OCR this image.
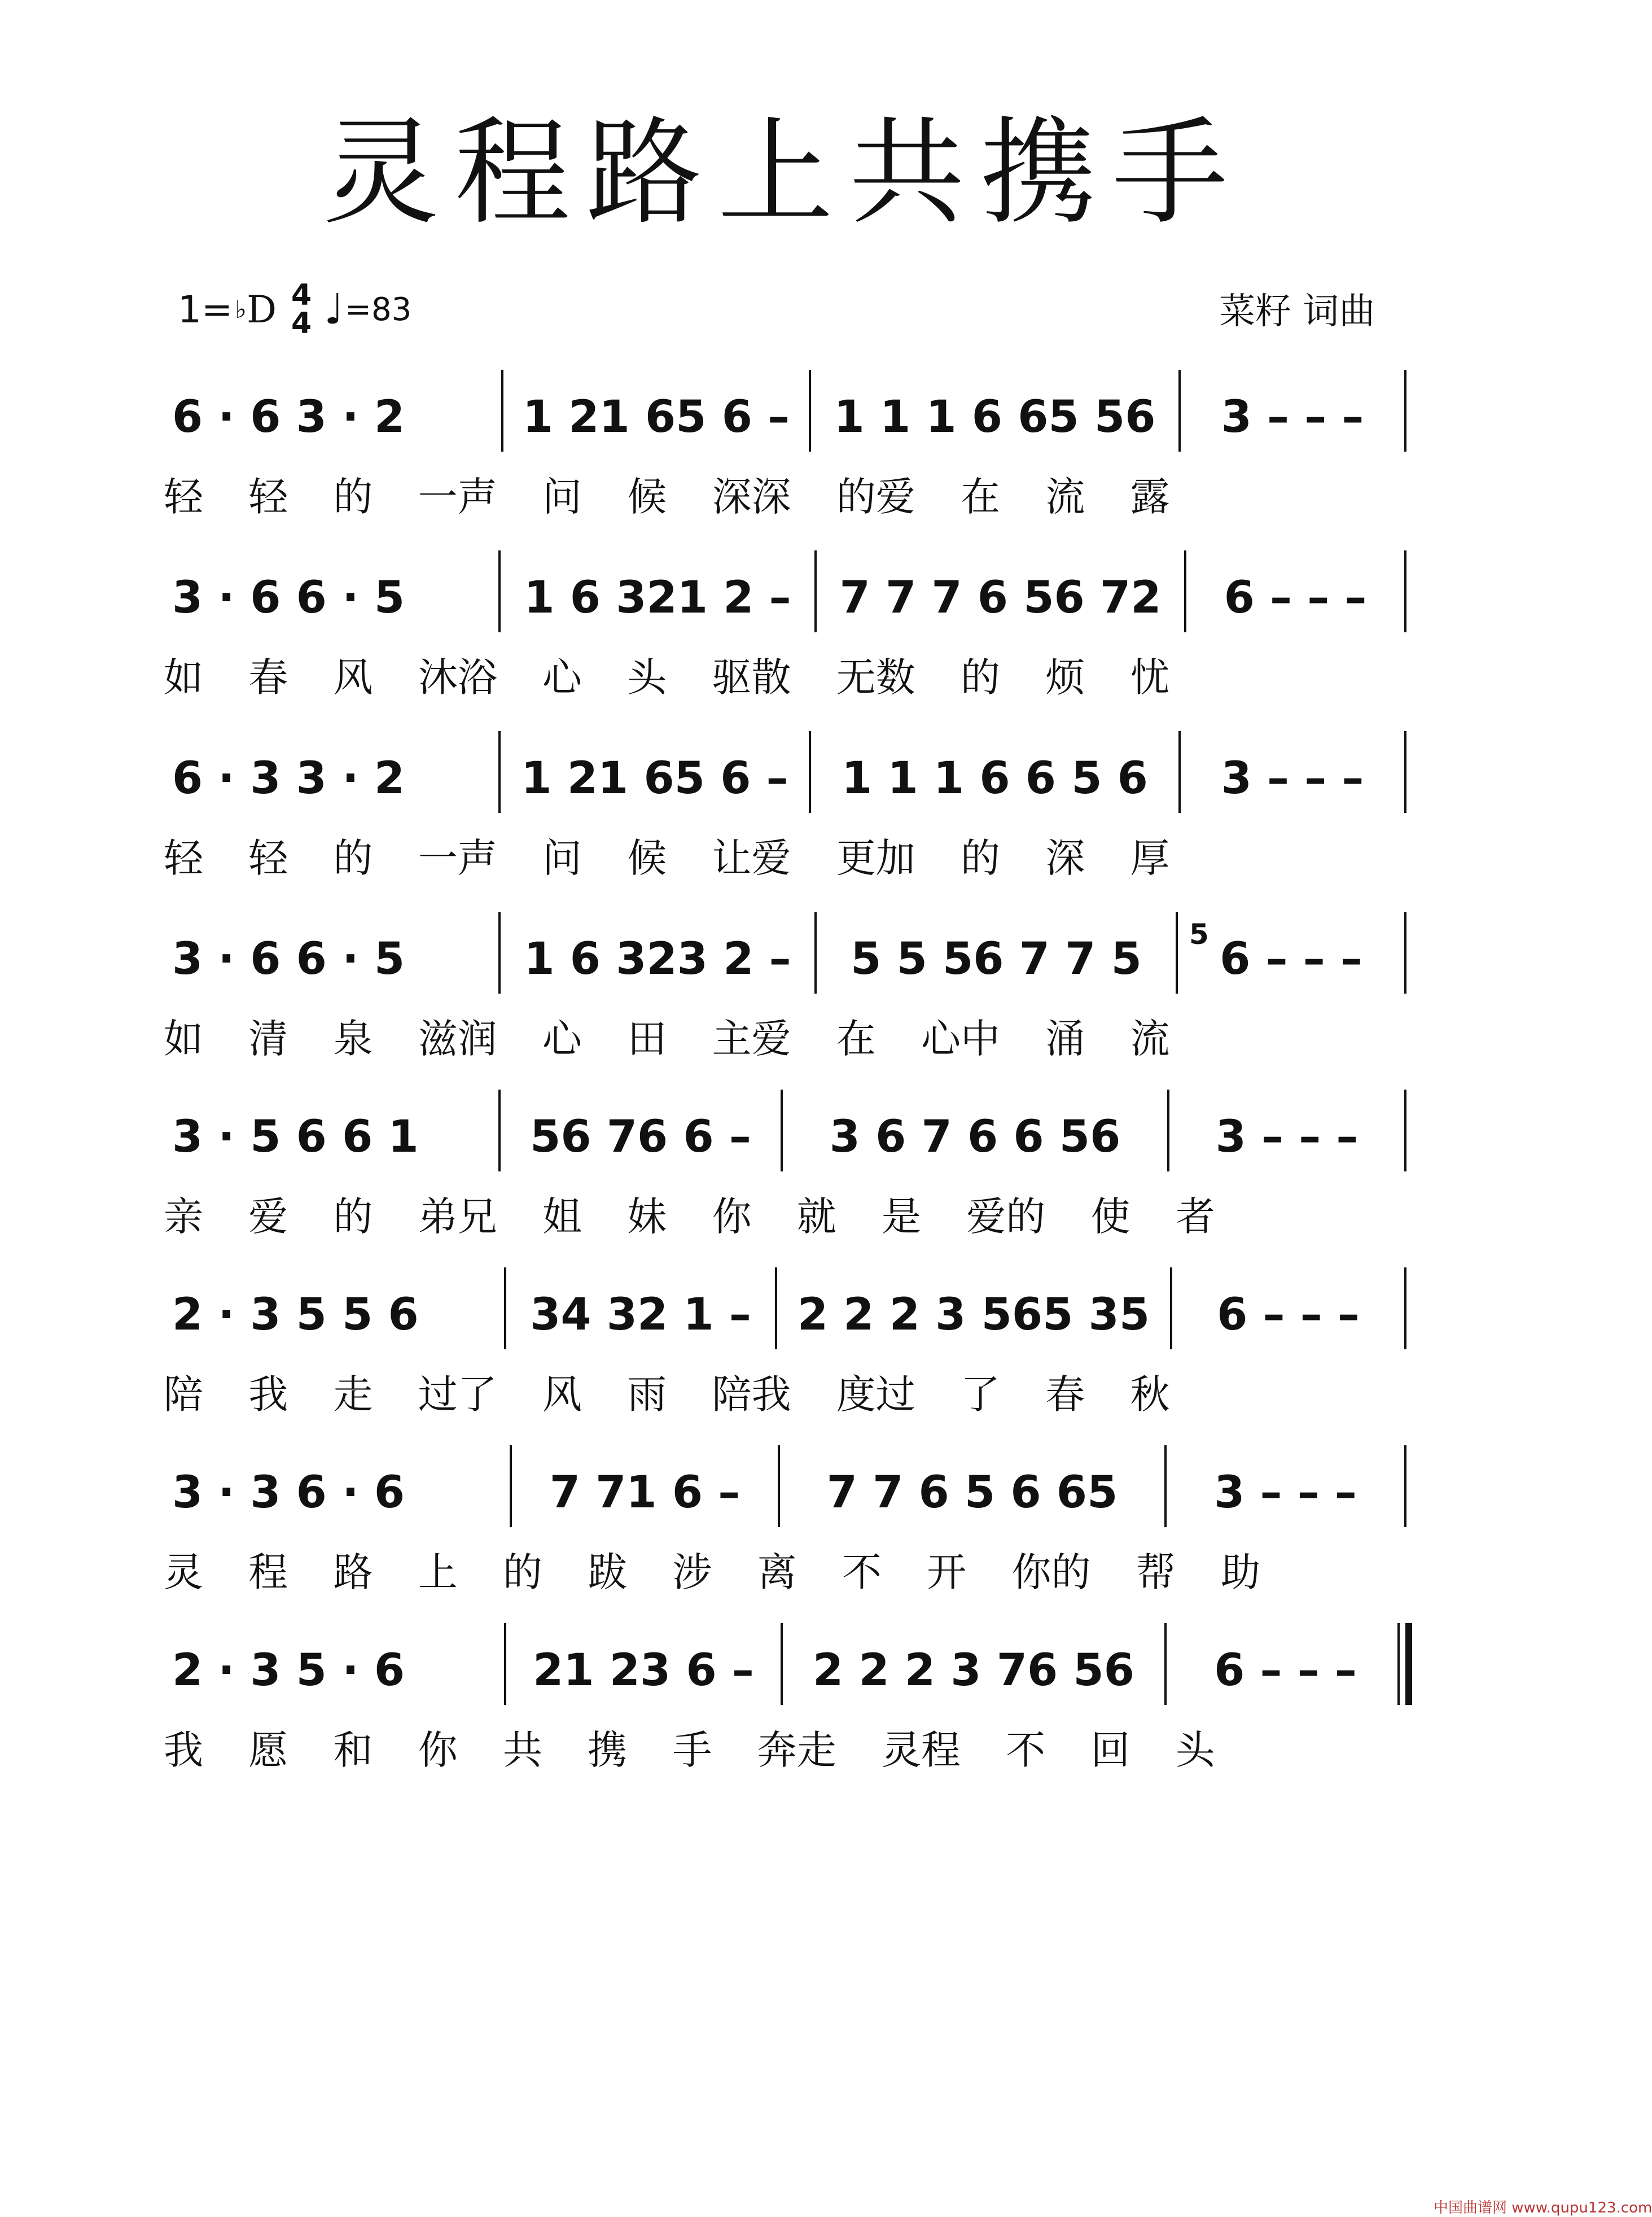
灵程路上共携手
1= ♭ D 4
4 ♩ =83	菜籽 词曲
6 · 6 3 · 2	1 21 65 6 – 1 1 1 6 65 56	3 – – –
轻 轻 的 一声 问 候 深深 的爱 在 流 露
3 · 6 6 · 5	1 6 321 2 – 7 7 7 6 56 72	6 – – –
如 春 风 沐浴 心 头 驱散 无数 的 烦 忧
6 · 3 3 · 2	1 21 65 6 –	1 1 1 6 6 5 6	3 – – –
轻 轻 的 一声 问 候 让爱 更加 的 深 厚
3 · 6 6 · 5	1 6 323 2 –	5 5 56 7 7 5	6 – – –
5
如 清 泉 滋润 心 田 主爱 在 心中 涌 流
3 · 5 6 6 1	56 76 6 –	3 6 7 6 6 56	3 – – –
亲 爱 的 弟兄 姐 妹 你 就 是 爱的 使 者
2 · 3 5 5 6	34 32 1 – 2 2 2 3 565 35	6 – – –
陪 我 走 过了 风 雨 陪我 度过 了 春 秋
3 · 3 6 · 6	7 71 6 –	7 7 6 5 6 65	3 – – –
灵 程 路 上 的 跋 涉 离 不 开 你的 帮 助
2 · 3 5 · 6	21 23 6 –	2 2 2 3 76 56	6 – – –
我 愿 和 你 共 携 手 奔走 灵程 不 回 头
中国曲谱网 www.qupu123.com
